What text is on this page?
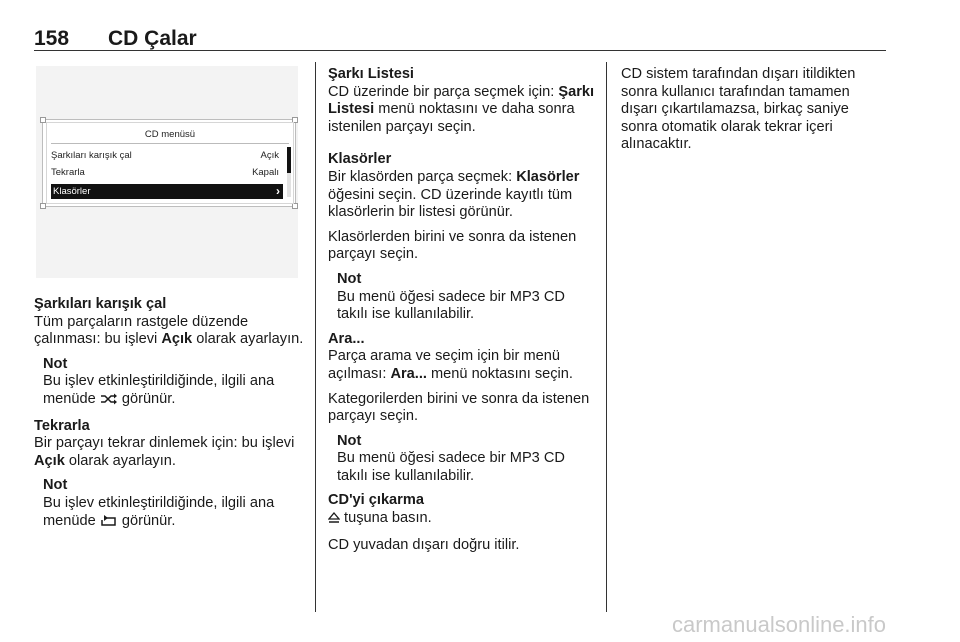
158 CD Çalar
CD menüsü
Şarkıları karışık çal	Açık
Tekrarla	Kapalı
Klasörler	›
Şarkıları karışık çal

Tüm parçaların rastgele düzende çalınması: bu işlevi Açık olarak ayarlayın.

Not
Bu işlev etkinleştirildiğinde, ilgili ana menüde  görünür.
Tekrarla

Bir parçayı tekrar dinlemek için: bu işlevi Açık olarak ayarlayın.

Not
Bu işlev etkinleştirildiğinde, ilgili ana menüde  görünür.
Şarkı Listesi

CD üzerinde bir parça seçmek için: Şarkı Listesi menü noktasını ve daha sonra istenilen parçayı seçin.

Klasörler

Bir klasörden parça seçmek: Klasörler öğesini seçin. CD üzerinde kayıtlı tüm klasörlerin bir listesi görünür.

Klasörlerden birini ve sonra da istenen parçayı seçin.

Not
Bu menü öğesi sadece bir MP3 CD takılı ise kullanılabilir.
Ara...

Parça arama ve seçim için bir menü açılması: Ara... menü noktasını seçin.

Kategorilerden birini ve sonra da istenen parçayı seçin.

Not
Bu menü öğesi sadece bir MP3 CD takılı ise kullanılabilir.
CD'yi çıkarma

tuşuna basın.

CD yuvadan dışarı doğru itilir.

CD sistem tarafından dışarı itildikten sonra kullanıcı tarafından tamamen dışarı çıkartılamazsa, birkaç saniye sonra otomatik olarak tekrar içeri alınacaktır.

carmanualsonline.info
